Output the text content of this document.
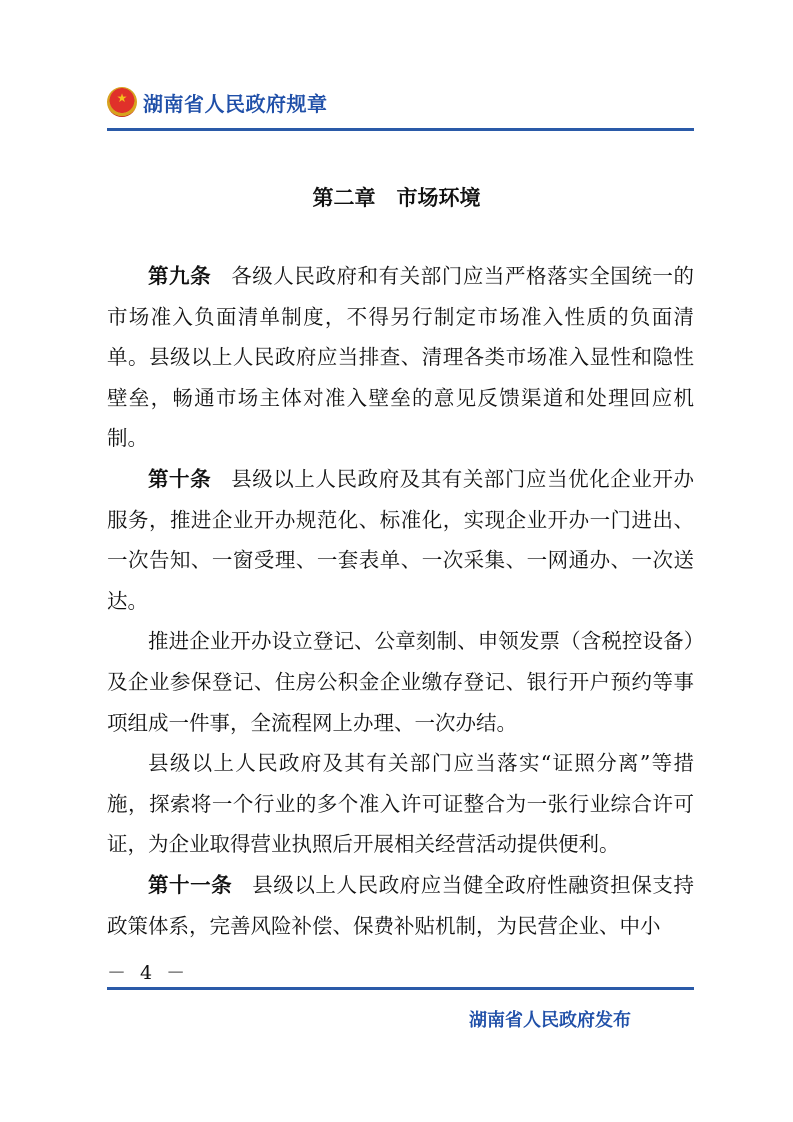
★
湖南省人民政府规章
第二章　市场环境

第九条 各级人民政府和有关部门应当严格落实全国统一的市场准入负面清单制度，不得另行制定市场准入性质的负面清单。县级以上人民政府应当排查、清理各类市场准入显性和隐性壁垒，畅通市场主体对准入壁垒的意见反馈渠道和处理回应机制。

第十条 县级以上人民政府及其有关部门应当优化企业开办服务，推进企业开办规范化、标准化，实现企业开办一门进出、一次告知、一窗受理、一套表单、一次采集、一网通办、一次送达。

推进企业开办设立登记、公章刻制、申领发票（含税控设备）及企业参保登记、住房公积金企业缴存登记、银行开户预约等事项组成一件事，全流程网上办理、一次办结。

县级以上人民政府及其有关部门应当落实“证照分离”等措施，探索将一个行业的多个准入许可证整合为一张行业综合许可证，为企业取得营业执照后开展相关经营活动提供便利。

第十一条 县级以上人民政府应当健全政府性融资担保支持政策体系，完善风险补偿、保费补贴机制，为民营企业、中小

－ 4 －
湖南省人民政府发布
